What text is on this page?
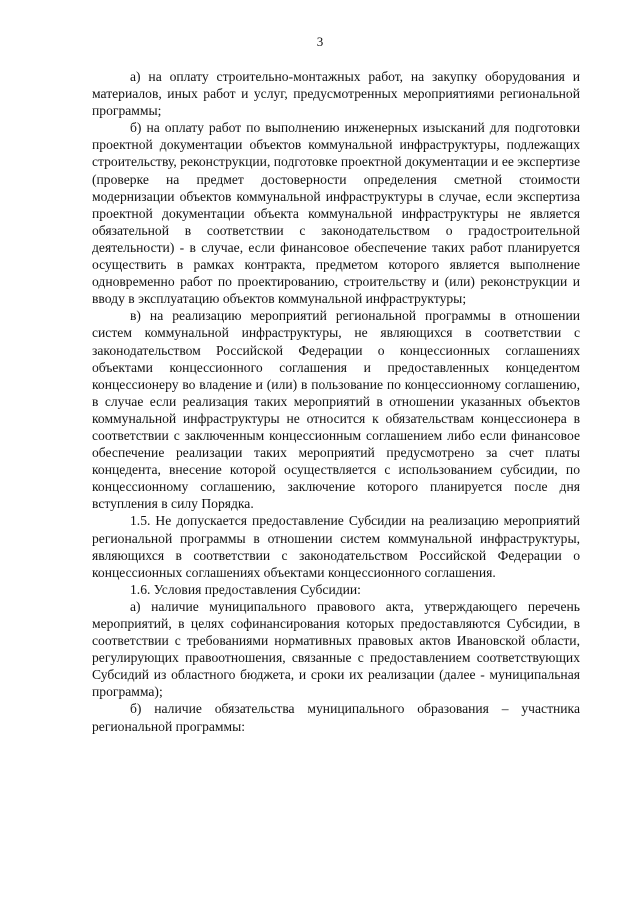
3

а) на оплату строительно-монтажных работ, на закупку оборудования и материалов, иных работ и услуг, предусмотренных мероприятиями региональной программы;

б) на оплату работ по выполнению инженерных изысканий для подготовки проектной документации объектов коммунальной инфраструктуры, подлежащих строительству, реконструкции, подготовке проектной документации и ее экспертизе (проверке на предмет достоверности определения сметной стоимости модернизации объектов коммунальной инфраструктуры в случае, если экспертиза проектной документации объекта коммунальной инфраструктуры не является обязательной в соответствии с законодательством о градостроительной деятельности) - в случае, если финансовое обеспечение таких работ планируется осуществить в рамках контракта, предметом которого является выполнение одновременно работ по проектированию, строительству и (или) реконструкции и вводу в эксплуатацию объектов коммунальной инфраструктуры;

в) на реализацию мероприятий региональной программы в отношении систем коммунальной инфраструктуры, не являющихся в соответствии с законодательством Российской Федерации о концессионных соглашениях объектами концессионного соглашения и предоставленных концедентом концессионеру во владение и (или) в пользование по концессионному соглашению, в случае если реализация таких мероприятий в отношении указанных объектов коммунальной инфраструктуры не относится к обязательствам концессионера в соответствии с заключенным концессионным соглашением либо если финансовое обеспечение реализации таких мероприятий предусмотрено за счет платы концедента, внесение которой осуществляется с использованием субсидии, по концессионному соглашению, заключение которого планируется после дня вступления в силу Порядка.

1.5. Не допускается предоставление Субсидии на реализацию мероприятий региональной программы в отношении систем коммунальной инфраструктуры, являющихся в соответствии с законодательством Российской Федерации о концессионных соглашениях объектами концессионного соглашения.

1.6. Условия предоставления Субсидии:

а) наличие муниципального правового акта, утверждающего перечень мероприятий, в целях софинансирования которых предоставляются Субсидии, в соответствии с требованиями нормативных правовых актов Ивановской области, регулирующих правоотношения, связанные с предоставлением соответствующих Субсидий из областного бюджета, и сроки их реализации (далее - муниципальная программа);

б) наличие обязательства муниципального образования – участника региональной программы:
